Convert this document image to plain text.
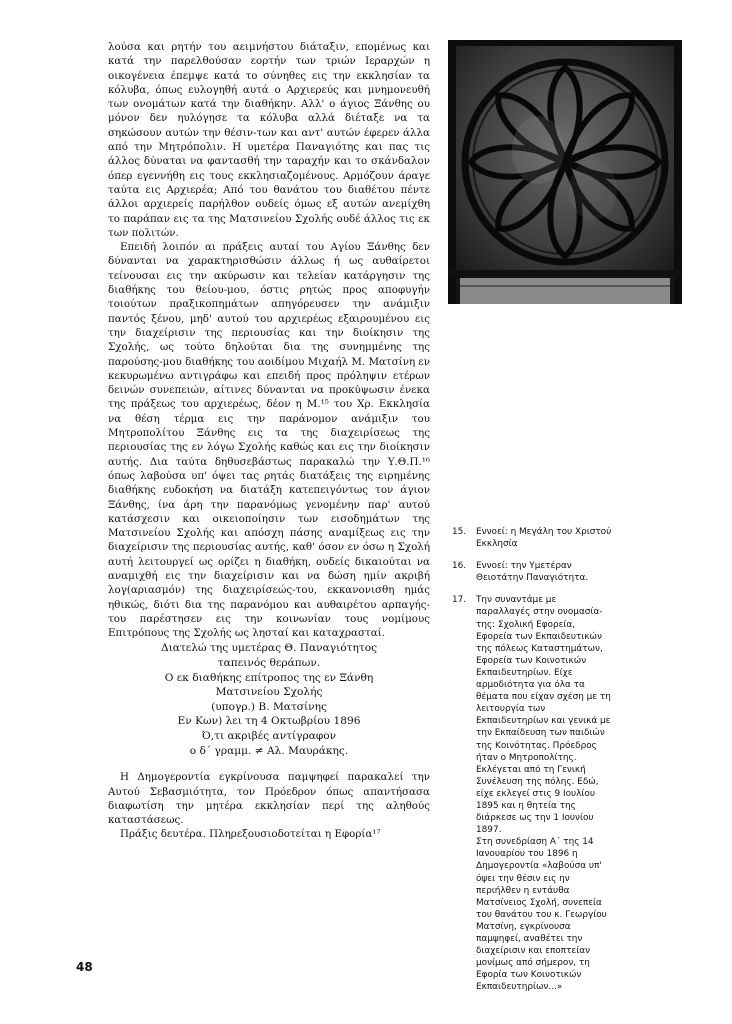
λούσα και ρητήν του αειμνήστου διάταξιν, επομένως και κατά την παρελθούσαν εορτήν των τριών Ιεραρχών η οικογένεια έπεμψε κατά το σύνηθες εις την εκκλησίαν τα κόλυβα, όπως ευλογηθή αυτά ο Αρχιερεύς και μνημονευθή των ονομάτων κατά την διαθήκην. Αλλ' ο άγιος Ξάνθης ου μόνον δεν ηυλόγησε τα κόλυβα αλλά διέταξε να τα σηκώσουν αυτών την θέσιν-των και αντ' αυτών έφερεν άλλα από την Μητρόπολιν. Η υμετέρα Παναγιότης και πας τις άλλος δύναται να φαντασθή την ταραχήν και το σκάνδαλον όπερ εγεννήθη εις τους εκκλησιαζομένους. Αρμόζουν άραγε ταύτα εις Αρχιερέα; Από του θανάτου του διαθέτου πέντε άλλοι αρχιερείς παρήλθον ουδείς όμως εξ αυτών ανεμίχθη το παράπαν εις τα της Ματσινείου Σχολής ουδέ άλλος τις εκ των πολιτών.

Επειδή λοιπόν αι πράξεις αυταί του Αγίου Ξάνθης δεν δύνανται να χαρακτηρισθώσιν άλλως ή ως αυθαίρετοι τείνουσαι εις την ακύρωσιν και τελείαν κατάργησιν της διαθήκης του θείου-μου, όστις ρητώς προς αποφυγήν τοιούτων πραξικοπημάτων απηγόρευσεν την ανάμιξιν παντός ξένου, μηδ' αυτού του αρχιερέως εξαιρουμένου εις την διαχείρισιν της περιουσίας και την διοίκησιν της Σχολής, ως τούτο δηλούται δια της συνημμένης της παρούσης-μου διαθήκης του αοιδίμου Μιχαήλ Μ. Ματσίνη εν κεκυρωμένω αντιγράφω και επειδή προς πρόληψιν ετέρων δεινών συνεπειών, αίτινες δύνανται να προκύψωσιν ένεκα της πράξεως του αρχιερέως, δέον η Μ.¹⁵ του Χρ. Εκκλησία να θέση τέρμα εις την παράνομον ανάμιξιν του Μητροπολίτου Ξάνθης εις τα της διαχειρίσεως της περιουσίας της εν λόγω Σχολής καθώς και εις την διοίκησιν αυτής. Δια ταύτα δηθυσεβάστως παρακαλώ την Υ.Θ.Π.¹⁶ όπως λαβούσα υπ' όψει τας ρητάς διατάξεις της ειρημένης διαθήκης ευδοκήση να διατάξη κατεπειγόντως τον άγιον Ξάνθης, ίνα άρη την παρανόμως γενομένην παρ' αυτού κατάσχεσιν και οικειοποίησιν των εισοδημάτων της Ματσινείου Σχολής και απόσχη πάσης αναμίξεως εις την διαχείρισιν της περιουσίας αυτής, καθ' όσον εν όσω η Σχολή αυτή λειτουργεί ως ορίζει η διαθήκη, ουδείς δικαιούται να αναμιχθή εις την διαχείρισιν και να δώση ημίν ακριβή λογ(αριασμόν) της διαχειρίσεώς-του, εκκανονισθη ημάς ηθικώς, διότι δια της παρανόμου και αυθαιρέτου αρπαγής-του παρέστησεν εις την κοινωνίαν τους νομίμους Επιτρόπους της Σχολής ως λησταί και καταχρασταί.

Διατελώ της υμετέρας Θ. Παναγιότητος

ταπεινός θεράπων.

Ο εκ διαθήκης επίτροπος της εν Ξάνθη

Ματσινείου Σχολής

(υπογρ.) Β. Ματσίνης

Εν Κων) λει τη 4 Οκτωβρίου 1896

Ό,τι ακριβές αντίγραφον

ο δ΄ γραμμ. ≠ Αλ. Μαυράκης.

Η Δημογεροντία εγκρίνουσα παμψηφεί παρακαλεί την Αυτού Σεβασμιότητα, τον Πρόεδρον όπως απαντήσασα διαφωτίση την μητέρα εκκλησίαν περί της αληθούς καταστάσεως.

Πράξις δευτέρα. Πληρεξουσιοδοτείται η Εφορία¹⁷

15.	Εννοεί: η Μεγάλη του Χριστού Εκκλησία

16.	Εννοεί: την Υμετέραν Θειοτάτην Παναγιότητα.

17.	Την συναντάμε με παραλλαγές στην ονομασία-της: Σχολική Εφορεία, Εφορεία των Εκπαιδευτικών της πόλεως Καταστημάτων, Εφορεία των Κοινοτικών Εκπαιδευτηρίων. Είχε αρμοδιότητα για όλα τα θέματα που είχαν σχέση με τη λειτουργία των Εκπαιδευτηρίων και γενικά με την Εκπαίδευση των παιδιών της Κοινότητας. Πρόεδρος ήταν ο Μητροπολίτης. Εκλέγεται από τη Γενική Συνέλευση της πόλης. Εδώ, είχε εκλεγεί στις 9 Ιουλίου 1895 και η θητεία της διάρκεσε ως την 1 Ιουνίου 1897.

Στη συνεδρίαση Α΄ της 14 Ιανουαρίου του 1896 η Δημογεροντία «λαβούσα υπ' όψει την θέσιν εις ην περιήλθεν η εντάυθα Ματσίνειος Σχολή, συνεπεία του θανάτου του κ. Γεωργίου Ματσίνη, εγκρίνουσα παμψηφεί, αναθέτει την διαχείρισιν και εποπτείαν μονίμως από σήμερον, τη Εφορία των Κοινοτικών Εκπαιδευτηρίων...»

48
